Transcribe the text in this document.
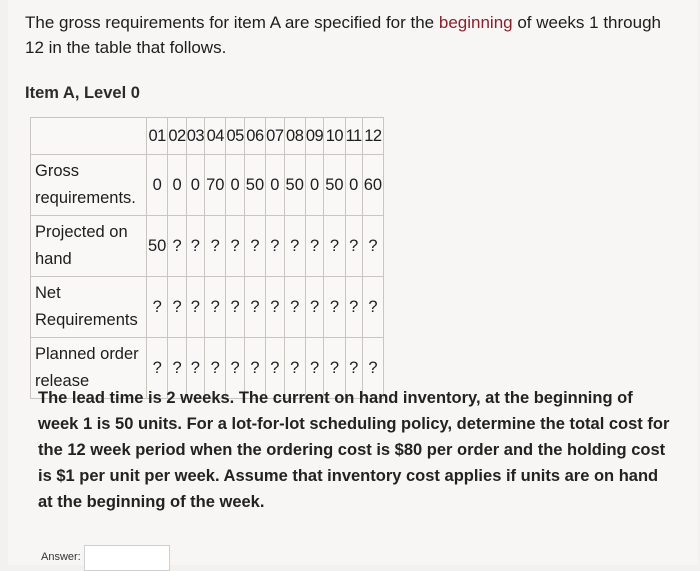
The gross requirements for item A are specified for the beginning of weeks 1 through 12 in the table that follows.
Item A, Level 0
	01	02	03	04	05	06	07	08	09	10	11	12
Gross requirements.	0	0	0	70	0	50	0	50	0	50	0	60
Projected on hand	50	?	?	?	?	?	?	?	?	?	?	?
Net Requirements	?	?	?	?	?	?	?	?	?	?	?	?
Planned order release	?	?	?	?	?	?	?	?	?	?	?	?
The lead time is 2 weeks. The current on hand inventory, at the beginning of week 1 is 50 units. For a lot-for-lot scheduling policy, determine the total cost for the 12 week period when the ordering cost is $80 per order and the holding cost is $1 per unit per week. Assume that inventory cost applies if units are on hand at the beginning of the week.
Answer:
